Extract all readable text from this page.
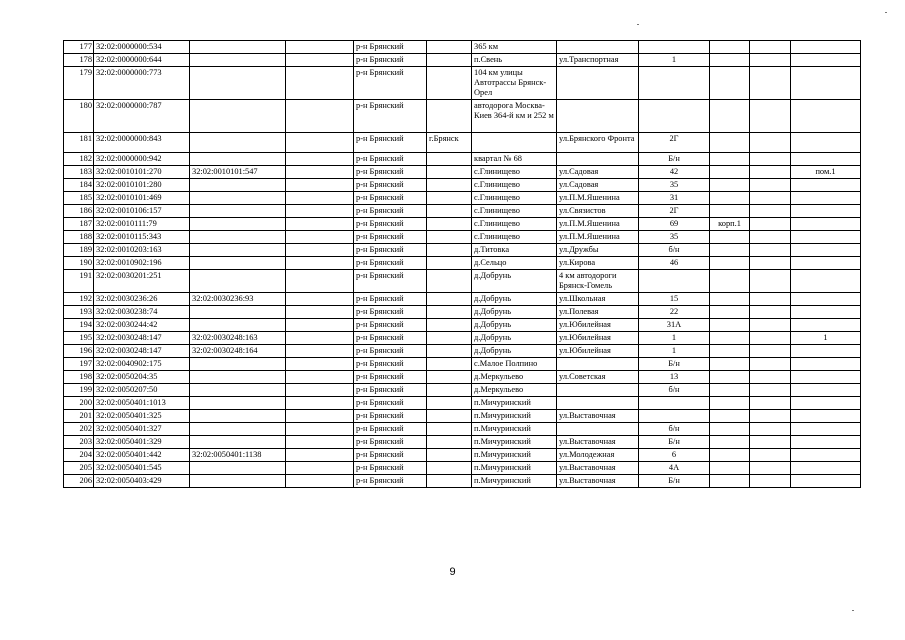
177	32:02:0000000:534			р-н Брянский		365 км					
178	32:02:0000000:644			р-н Брянский		п.Свень	ул.Транспортная	1			
179	32:02:0000000:773			р-н Брянский		104 км улицы Автотрассы Брянск-Орел					
180	32:02:0000000:787			р-н Брянский		автодорога Москва-Киев 364-й км и 252 м					
181	32:02:0000000:843			р-н Брянский	г.Брянск		ул.Брянского Фронта	2Г			
182	32:02:0000000:942			р-н Брянский		квартал № 68		Б/н			
183	32:02:0010101:270	32:02:0010101:547		р-н Брянский		с.Глинищево	ул.Садовая	42			пом.1
184	32:02:0010101:280			р-н Брянский		с.Глинищево	ул.Садовая	35			
185	32:02:0010101:469			р-н Брянский		с.Глинищево	ул.П.М.Яшенина	31			
186	32:02:0010106:157			р-н Брянский		с.Глинищево	ул.Связистов	2Г			
187	32:02:0010111:79			р-н Брянский		с.Глинищево	ул.П.М.Яшенина	69	корп.1		
188	32:02:0010115:343			р-н Брянский		с.Глинищево	ул.П.М.Яшенина	35			
189	32:02:0010203:163			р-н Брянский		д.Титовка	ул.Дружбы	б/н			
190	32:02:0010902:196			р-н Брянский		д.Сельцо	ул.Кирова	46			
191	32:02:0030201:251			р-н Брянский		д.Добрунь	4 км автодороги Брянск-Гомель				
192	32:02:0030236:26	32:02:0030236:93		р-н Брянский		д.Добрунь	ул.Школьная	15			
193	32:02:0030238:74			р-н Брянский		д.Добрунь	ул.Полевая	22			
194	32:02:0030244:42			р-н Брянский		д.Добрунь	ул.Юбилейная	31А			
195	32:02:0030248:147	32:02:0030248:163		р-н Брянский		д.Добрунь	ул.Юбилейная	1			1
196	32:02:0030248:147	32:02:0030248:164		р-н Брянский		д.Добрунь	ул.Юбилейная	1			
197	32:02:0040902:175			р-н Брянский		с.Малое Полпино		Б/н			
198	32:02:0050204:35			р-н Брянский		д.Меркульево	ул.Советская	13			
199	32:02:0050207:50			р-н Брянский		д.Меркульево		б/н			
200	32:02:0050401:1013			р-н Брянский		п.Мичуринский					
201	32:02:0050401:325			р-н Брянский		п.Мичуринский	ул.Выставочная				
202	32:02:0050401:327			р-н Брянский		п.Мичуринский		б/н			
203	32:02:0050401:329			р-н Брянский		п.Мичуринский	ул.Выставочная	Б/н			
204	32:02:0050401:442	32:02:0050401:1138		р-н Брянский		п.Мичуринский	ул.Молодежная	6			
205	32:02:0050401:545			р-н Брянский		п.Мичуринский	ул.Выставочная	4А			
206	32:02:0050403:429			р-н Брянский		п.Мичуринский	ул.Выставочная	Б/н			
9
